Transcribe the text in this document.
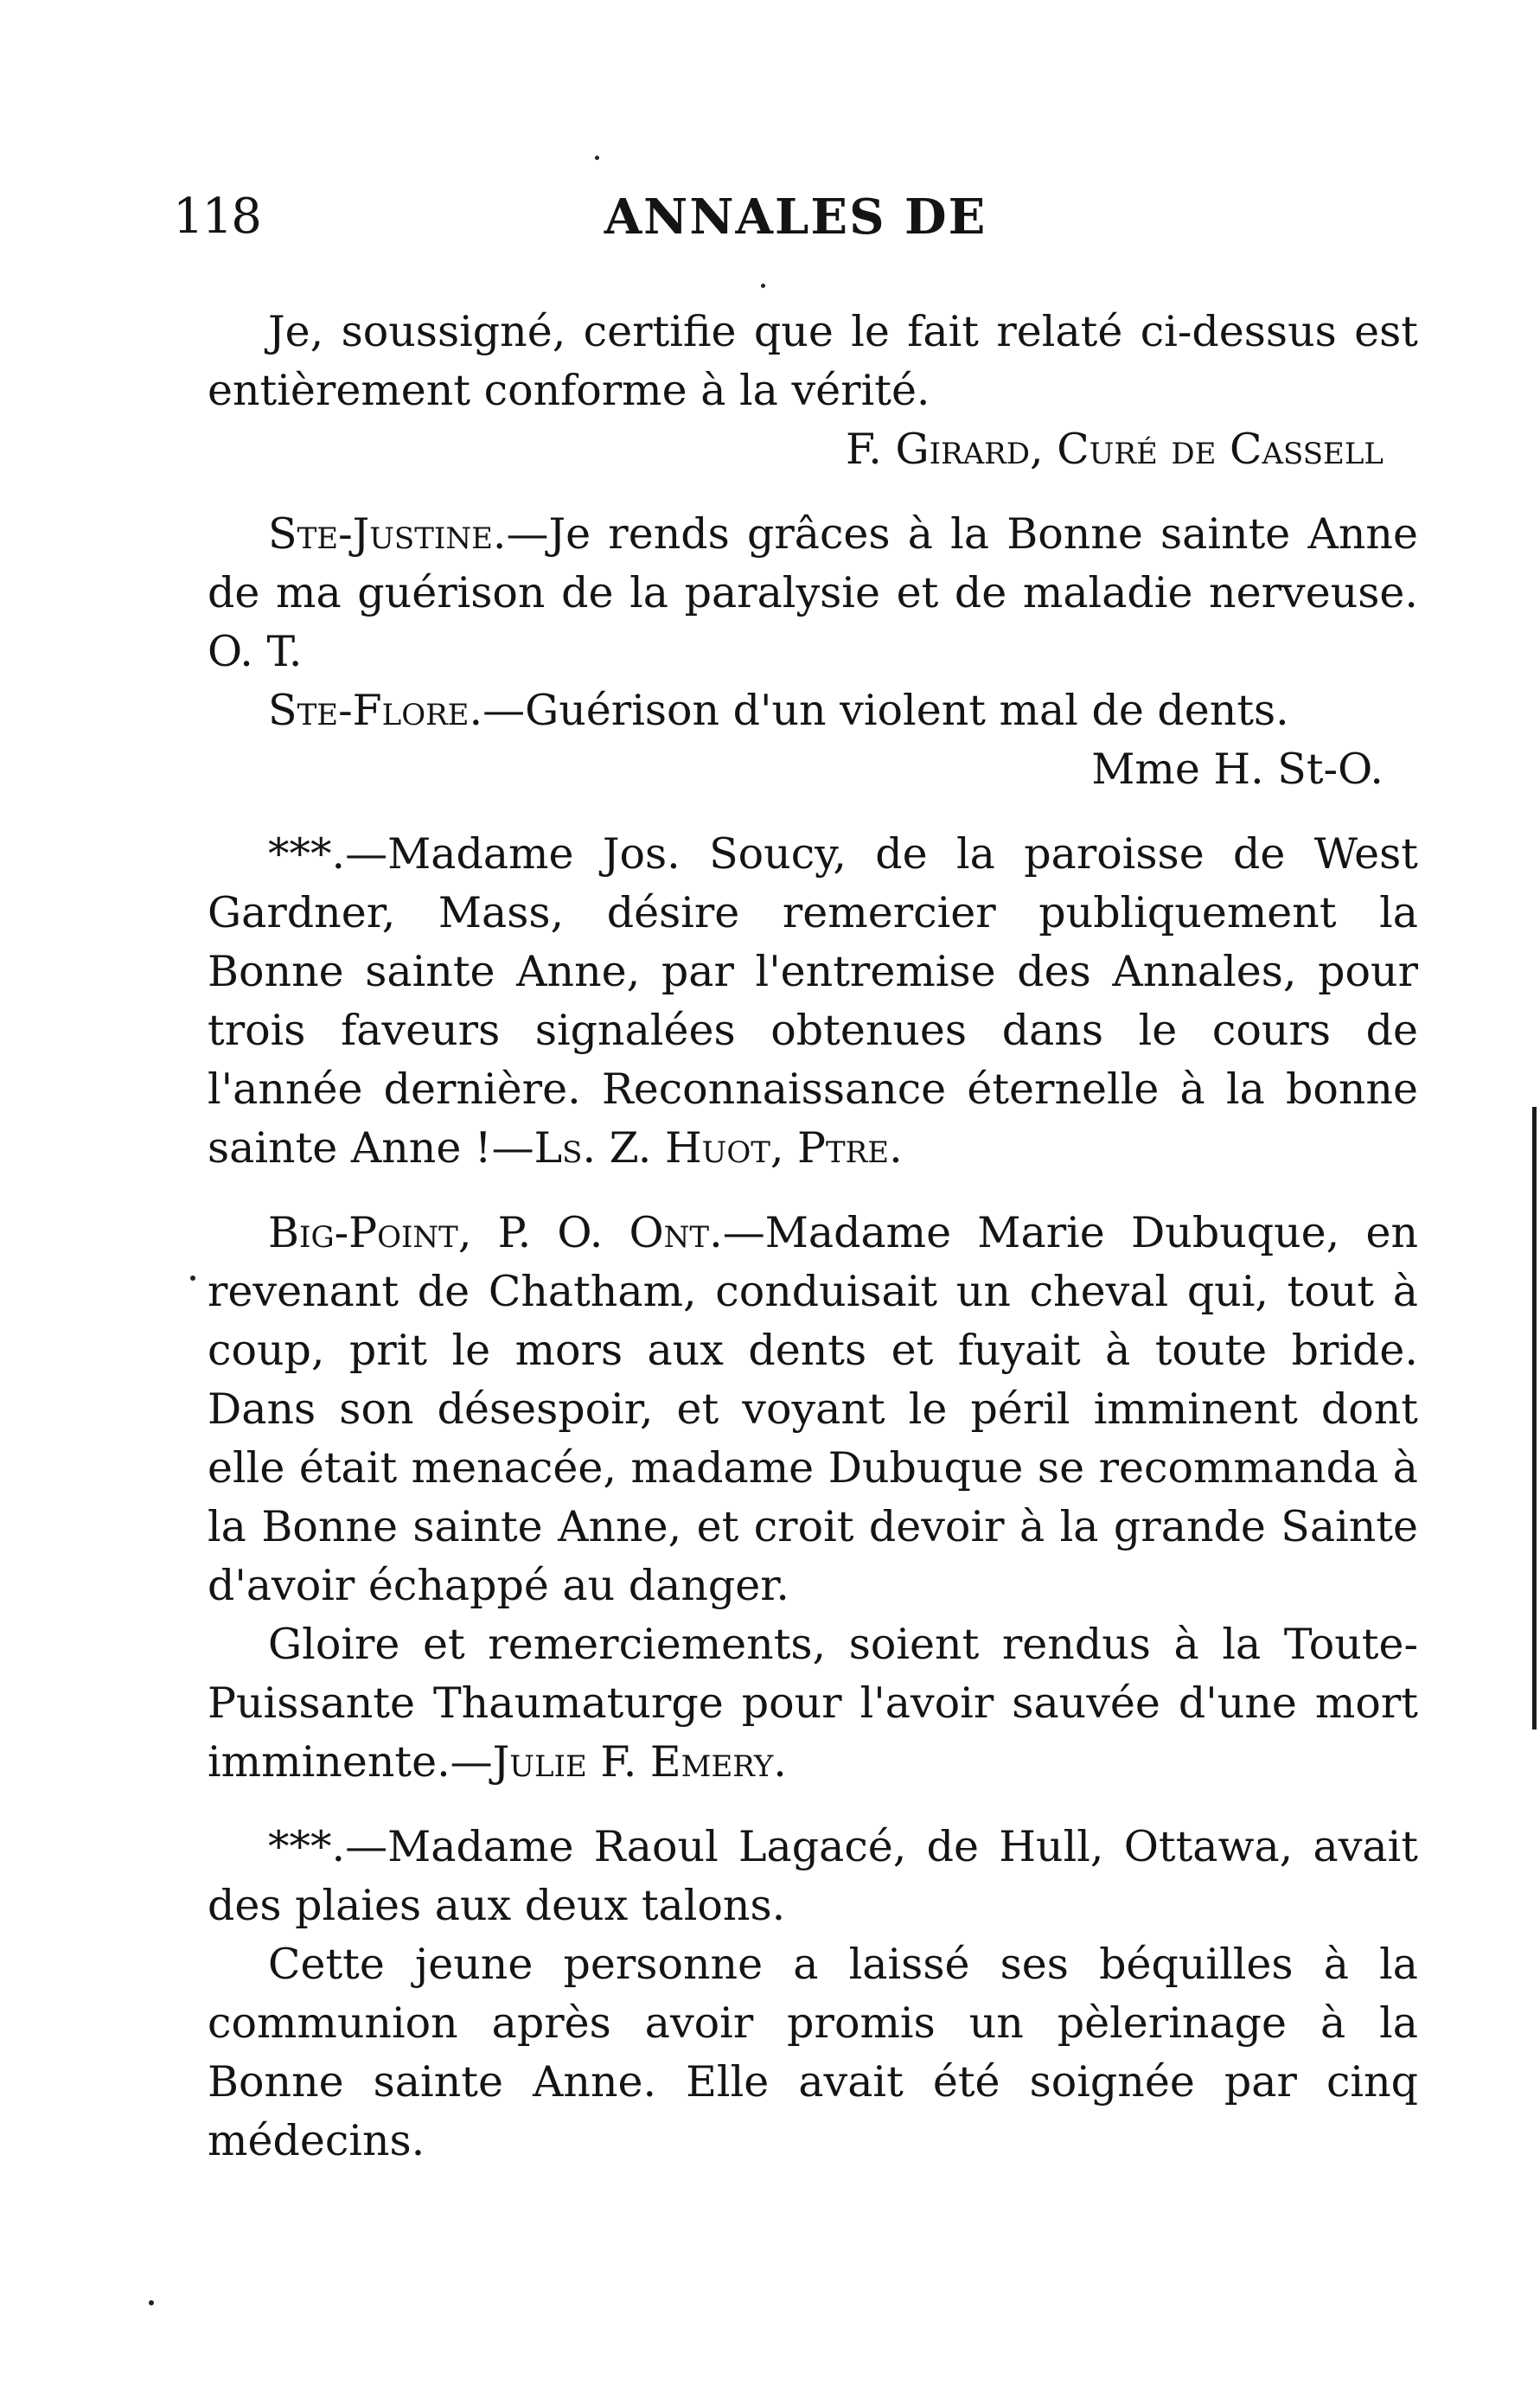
118	ANNALES DE

Je, soussigné, certifie que le fait relaté ci-dessus est entièrement conforme à la vérité.

F. Girard, Curé de Cassell

Ste-Justine.—Je rends grâces à la Bonne sainte Anne de ma guérison de la paralysie et de maladie nerveuse. O. T.

Ste-Flore.—Guérison d'un violent mal de dents.

Mme H. St-O.

***.—Madame Jos. Soucy, de la paroisse de West Gardner, Mass, désire remercier publiquement la Bonne sainte Anne, par l'entremise des Annales, pour trois faveurs signalées obtenues dans le cours de l'année dernière. Reconnaissance éternelle à la bonne sainte Anne !—Ls. Z. Huot, Ptre.

Big-Point, P. O. Ont.—Madame Marie Dubuque, en revenant de Chatham, conduisait un cheval qui, tout à coup, prit le mors aux dents et fuyait à toute bride. Dans son désespoir, et voyant le péril imminent dont elle était menacée, madame Dubuque se recommanda à la Bonne sainte Anne, et croit devoir à la grande Sainte d'avoir échappé au danger.

Gloire et remerciements, soient rendus à la Toute-Puissante Thaumaturge pour l'avoir sauvée d'une mort imminente.—Julie F. Emery.

***.—Madame Raoul Lagacé, de Hull, Ottawa, avait des plaies aux deux talons.

Cette jeune personne a laissé ses béquilles à la communion après avoir promis un pèlerinage à la Bonne sainte Anne. Elle avait été soignée par cinq médecins.
